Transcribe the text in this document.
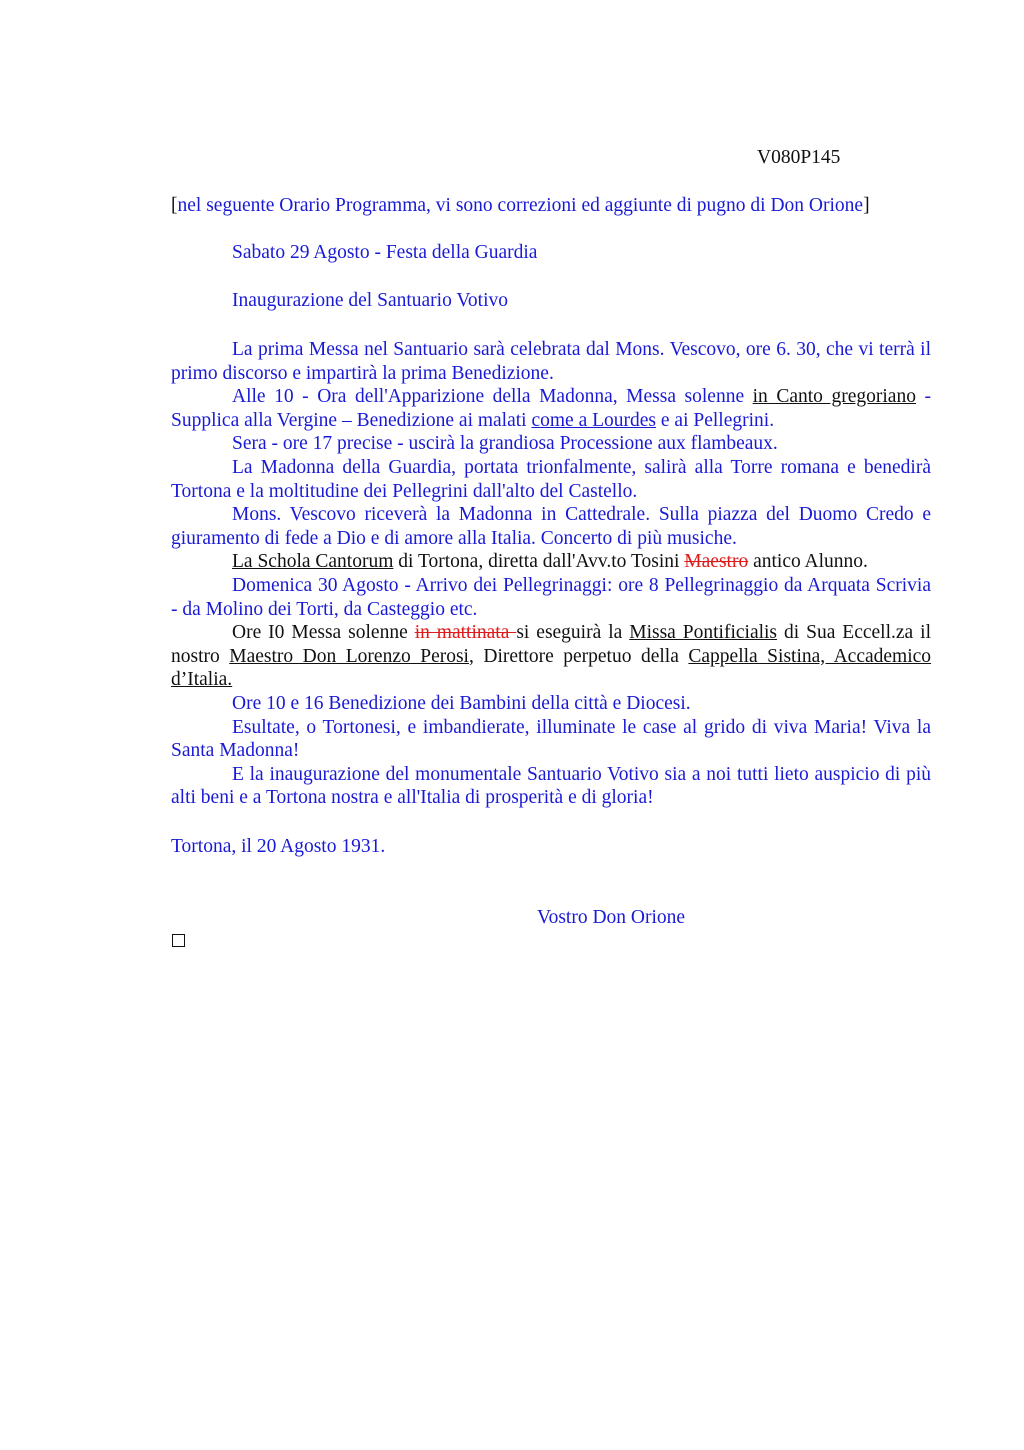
V080P145
[nel seguente Orario Programma, vi sono correzioni ed aggiunte di pugno di Don Orione]
Sabato 29 Agosto - Festa della Guardia
Inaugurazione del Santuario Votivo

La prima Messa nel Santuario sarà celebrata dal Mons. Vescovo, ore 6. 30, che vi terrà il primo discorso e impartirà la prima Benedizione.

Alle 10 - Ora dell'Apparizione della Madonna, Messa solenne in Canto gregoriano - Supplica alla Vergine – Benedizione ai malati come a Lourdes e ai Pellegrini.

Sera - ore 17 precise - uscirà la grandiosa Processione aux flambeaux.

La Madonna della Guardia, portata trionfalmente, salirà alla Torre romana e benedirà Tortona e la moltitudine dei Pellegrini dall'alto del Castello.

Mons. Vescovo riceverà la Madonna in Cattedrale. Sulla piazza del Duomo Credo e giuramento di fede a Dio e di amore alla Italia. Concerto di più musiche.

La Schola Cantorum di Tortona, diretta dall'Avv.to Tosini Maestro antico Alunno.

Domenica 30 Agosto - Arrivo dei Pellegrinaggi: ore 8 Pellegrinaggio da Arquata Scrivia - da Molino dei Torti, da Casteggio etc.

Ore I0 Messa solenne in mattinata si eseguirà la Missa Pontificialis di Sua Eccell.za il nostro Maestro Don Lorenzo Perosi, Direttore perpetuo della Cappella Sistina, Accademico d’Italia.

Ore 10 e 16 Benedizione dei Bambini della città e Diocesi.

Esultate, o Tortonesi, e imbandierate, illuminate le case al grido di viva Maria! Viva la Santa Madonna!

E la inaugurazione del monumentale Santuario Votivo sia a noi tutti lieto auspicio di più alti beni e a Tortona nostra e all'Italia di prosperità e di gloria!

Tortona, il 20 Agosto 1931.
Vostro Don Orione
